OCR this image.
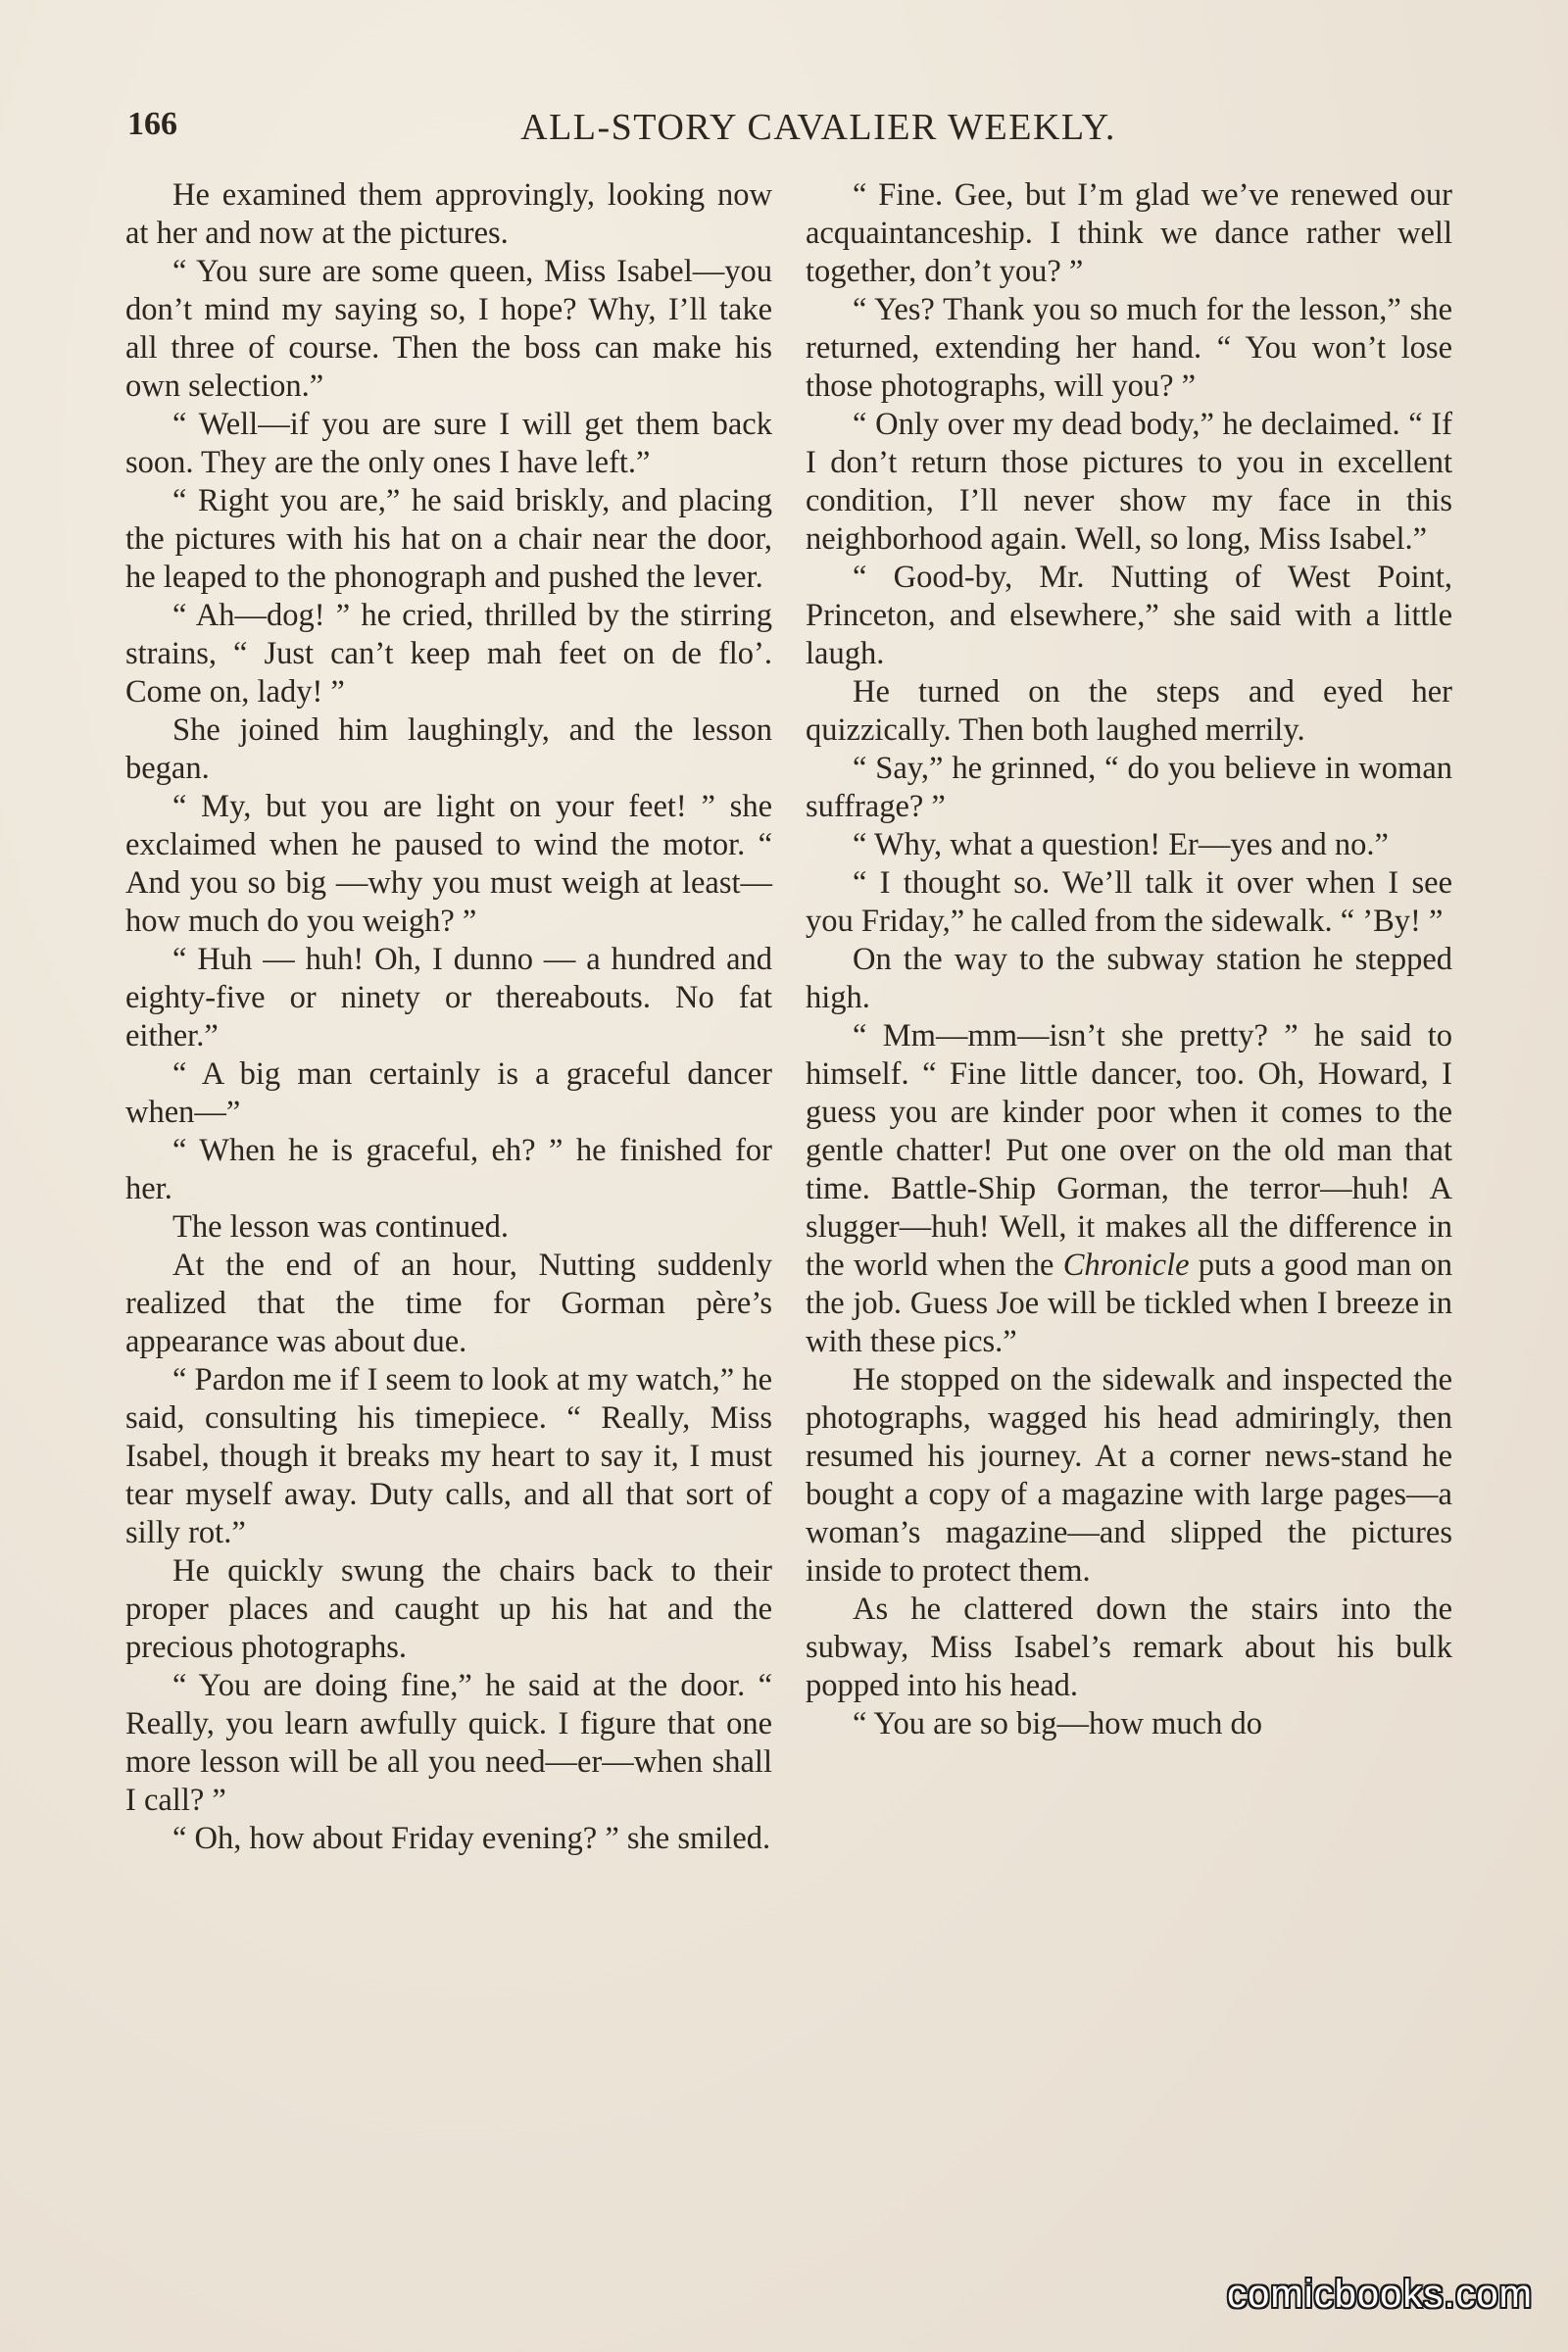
166	ALL-STORY CAVALIER WEEKLY.

He examined them approvingly, looking now at her and now at the pictures.

“ You sure are some queen, Miss Isabel—you don’t mind my saying so, I hope? Why, I’ll take all three of course. Then the boss can make his own selection.”

“ Well—if you are sure I will get them back soon. They are the only ones I have left.”

“ Right you are,” he said briskly, and placing the pictures with his hat on a chair near the door, he leaped to the phonograph and pushed the lever.

“ Ah—dog! ” he cried, thrilled by the stirring strains, “ Just can’t keep mah feet on de flo’. Come on, lady! ”

She joined him laughingly, and the lesson began.

“ My, but you are light on your feet! ” she exclaimed when he paused to wind the motor. “ And you so big —why you must weigh at least—how much do you weigh? ”

“ Huh — huh! Oh, I dunno — a hundred and eighty-five or ninety or thereabouts. No fat either.”

“ A big man certainly is a graceful dancer when—”

“ When he is graceful, eh? ” he finished for her.

The lesson was continued.

At the end of an hour, Nutting suddenly realized that the time for Gorman père’s appearance was about due.

“ Pardon me if I seem to look at my watch,” he said, consulting his timepiece. “ Really, Miss Isabel, though it breaks my heart to say it, I must tear myself away. Duty calls, and all that sort of silly rot.”

He quickly swung the chairs back to their proper places and caught up his hat and the precious photographs.

“ You are doing fine,” he said at the door. “ Really, you learn awfully quick. I figure that one more lesson will be all you need—er—when shall I call? ”

“ Oh, how about Friday evening? ” she smiled.

“ Fine. Gee, but I’m glad we’ve renewed our acquaintanceship. I think we dance rather well together, don’t you? ”

“ Yes? Thank you so much for the lesson,” she returned, extending her hand. “ You won’t lose those photographs, will you? ”

“ Only over my dead body,” he declaimed. “ If I don’t return those pictures to you in excellent condition, I’ll never show my face in this neighborhood again. Well, so long, Miss Isabel.”

“ Good-by, Mr. Nutting of West Point, Princeton, and elsewhere,” she said with a little laugh.

He turned on the steps and eyed her quizzically. Then both laughed merrily.

“ Say,” he grinned, “ do you believe in woman suffrage? ”

“ Why, what a question! Er—yes and no.”

“ I thought so. We’ll talk it over when I see you Friday,” he called from the sidewalk. “ ’By! ”

On the way to the subway station he stepped high.

“ Mm—mm—isn’t she pretty? ” he said to himself. “ Fine little dancer, too. Oh, Howard, I guess you are kinder poor when it comes to the gentle chatter! Put one over on the old man that time. Battle-Ship Gorman, the terror—huh! A slugger—huh! Well, it makes all the difference in the world when the Chronicle puts a good man on the job. Guess Joe will be tickled when I breeze in with these pics.”

He stopped on the sidewalk and inspected the photographs, wagged his head admiringly, then resumed his journey. At a corner news-stand he bought a copy of a magazine with large pages—a woman’s magazine—and slipped the pictures inside to protect them.

As he clattered down the stairs into the subway, Miss Isabel’s remark about his bulk popped into his head.

“ You are so big—how much do

comicbooks.com
